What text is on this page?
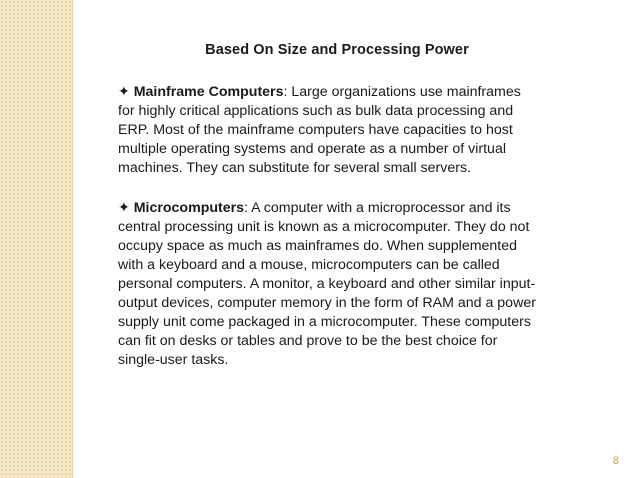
Based On Size and Processing Power
✦ Mainframe Computers: Large organizations use mainframes
for highly critical applications such as bulk data processing and
ERP. Most of the mainframe computers have capacities to host
multiple operating systems and operate as a number of virtual
machines. They can substitute for several small servers.
✦ Microcomputers: A computer with a microprocessor and its
central processing unit is known as a microcomputer. They do not
occupy space as much as mainframes do. When supplemented
with a keyboard and a mouse, microcomputers can be called
personal computers. A monitor, a keyboard and other similar input-
output devices, computer memory in the form of RAM and a power
supply unit come packaged in a microcomputer. These computers
can fit on desks or tables and prove to be the best choice for
single-user tasks.
8
